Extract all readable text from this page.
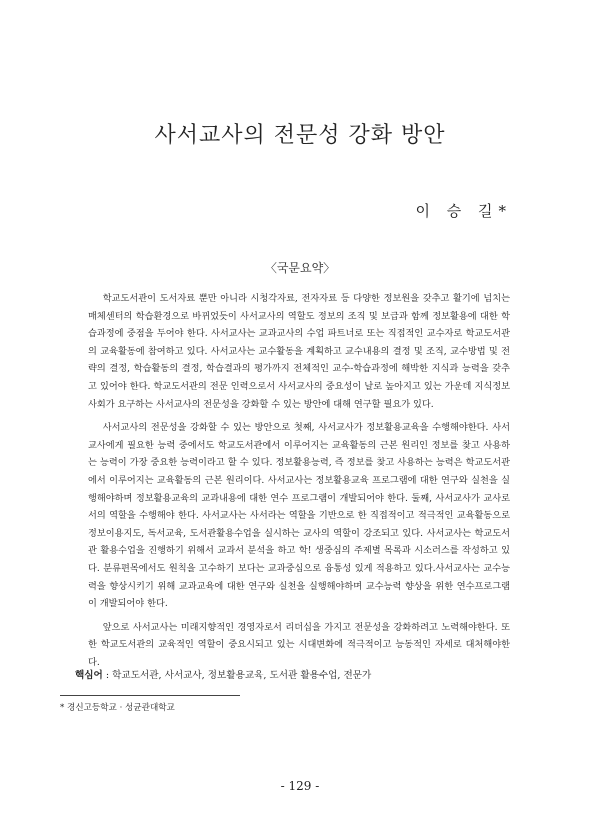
사서교사의 전문성 강화 방안
이 승 길*
〈국문요약〉

학교도서관이 도서자료 뿐만 아니라 시청각자료, 전자자료 등 다양한 정보원을 갖추고 활기에 넘치는 매체센터의 학습환경으로 바뀌었듯이 사서교사의 역할도 정보의 조직 및 보급과 함께 정보활용에 대한 학습과정에 중점을 두어야 한다. 사서교사는 교과교사의 수업 파트너로 또는 직접적인 교수자로 학교도서관의 교육활동에 참여하고 있다. 사서교사는 교수활동을 계획하고 교수내용의 결정 및 조직, 교수방법 및 전략의 결정, 학습활동의 결정, 학습결과의 평가까지 전체적인 교수-학습과정에 해박한 지식과 능력을 갖추고 있어야 한다. 학교도서관의 전문 인력으로서 사서교사의 중요성이 날로 높아지고 있는 가운데 지식정보사회가 요구하는 사서교사의 전문성을 강화할 수 있는 방안에 대해 연구할 필요가 있다.

사서교사의 전문성을 강화할 수 있는 방안으로 첫째, 사서교사가 정보활용교육을 수행해야한다. 사서교사에게 필요한 능력 중에서도 학교도서관에서 이루어지는 교육활동의 근본 원리인 정보를 찾고 사용하는 능력이 가장 중요한 능력이라고 할 수 있다. 정보활용능력, 즉 정보를 찾고 사용하는 능력은 학교도서관에서 이루어지는 교육활동의 근본 원리이다. 사서교사는 정보활용교육 프로그램에 대한 연구와 실천을 실행해야하며 정보활용교육의 교과내용에 대한 연수 프로그램이 개발되어야 한다. 둘째, 사서교사가 교사로서의 역할을 수행해야 한다. 사서교사는 사서라는 역할을 기반으로 한 직접적이고 적극적인 교육활동으로 정보이용지도, 독서교육, 도서관활용수업을 실시하는 교사의 역할이 강조되고 있다. 사서교사는 학교도서관 활용수업을 진행하기 위해서 교과서 분석을 하고 학! 생중심의 주제별 목록과 시소러스를 작성하고 있다. 분류편목에서도 원칙을 고수하기 보다는 교과중심으로 융통성 있게 적용하고 있다.사서교사는 교수능력을 향상시키기 위해 교과교육에 대한 연구와 실천을 실행해야하며 교수능력 향상을 위한 연수프로그램이 개발되어야 한다.

앞으로 사서교사는 미래지향적인 경영자로서 리더십을 가지고 전문성을 강화하려고 노력해야한다. 또한 학교도서관의 교육적인 역할이 중요시되고 있는 시대변화에 적극적이고 능동적인 자세로 대처해야한다.

핵심어 : 학교도서관, 사서교사, 정보활용교육, 도서관 활용수업, 전문가
* 경신고등학교 · 성균관대학교
- 129 -
